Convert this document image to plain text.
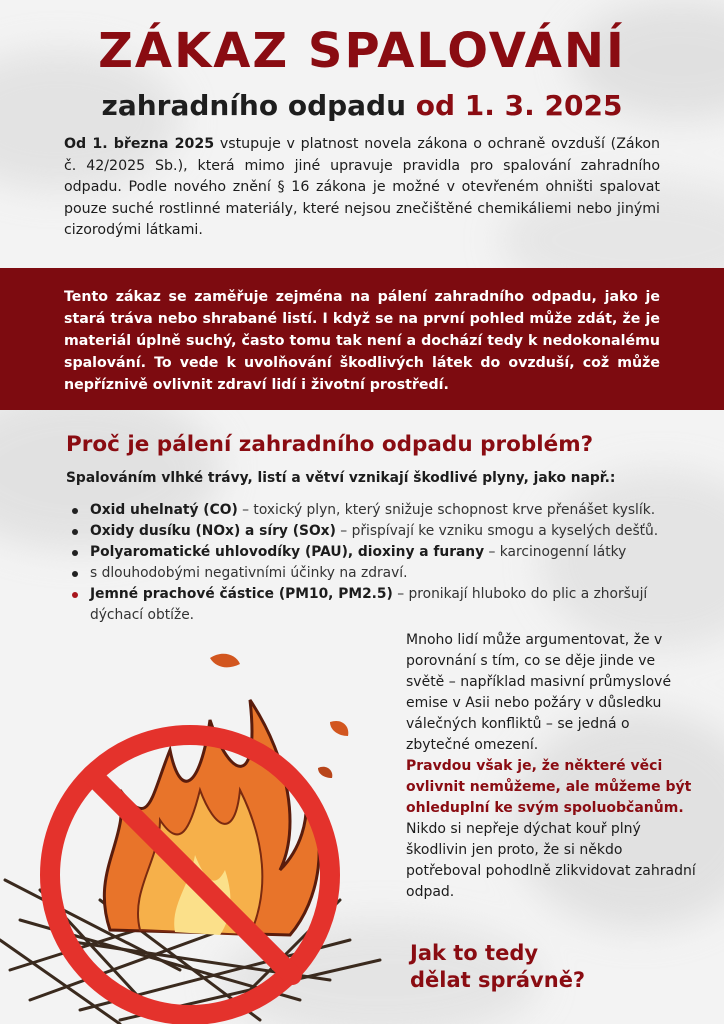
ZÁKAZ SPALOVÁNÍ
zahradního odpadu od 1. 3. 2025
Od 1. března 2025 vstupuje v platnost novela zákona o ochraně ovzduší (Zákon č. 42/2025 Sb.), která mimo jiné upravuje pravidla pro spalování zahradního odpadu. Podle nového znění § 16 zákona je možné v otevřeném ohništi spalovat pouze suché rostlinné materiály, které nejsou znečištěné chemikáliemi nebo jinými cizorodými látkami.

Tento zákaz se zaměřuje zejména na pálení zahradního odpadu, jako je stará tráva nebo shrabané listí. I když se na první pohled může zdát, že je materiál úplně suchý, často tomu tak není a dochází tedy k nedokonalému spalování. To vede k uvolňování škodlivých látek do ovzduší, což může nepříznivě ovlivnit zdraví lidí i životní prostředí.

Proč je pálení zahradního odpadu problém?
Spalováním vlhké trávy, listí a větví vznikají škodlivé plyny, jako např.:
Oxid uhelnatý (CO) – toxický plyn, který snižuje schopnost krve přenášet kyslík.
Oxidy dusíku (NOx) a síry (SOx) – přispívají ke vzniku smogu a kyselých dešťů.
Polyaromatické uhlovodíky (PAU), dioxiny a furany – karcinogenní látky
s dlouhodobými negativními účinky na zdraví.
Jemné prachové částice (PM10, PM2.5) – pronikají hluboko do plic a zhoršují dýchací obtíže.

Mnoho lidí může argumentovat, že v porovnání s tím, co se děje jinde ve světě – například masivní průmyslové emise v Asii nebo požáry v důsledku válečných konfliktů – se jedná o zbytečné omezení.

Pravdou však je, že některé věci ovlivnit nemůžeme, ale můžeme být ohleduplní ke svým spoluobčanům.

Nikdo si nepřeje dýchat kouř plný škodlivin jen proto, že si někdo potřeboval pohodlně zlikvidovat zahradní odpad.

Jak to tedy
dělat správně?
